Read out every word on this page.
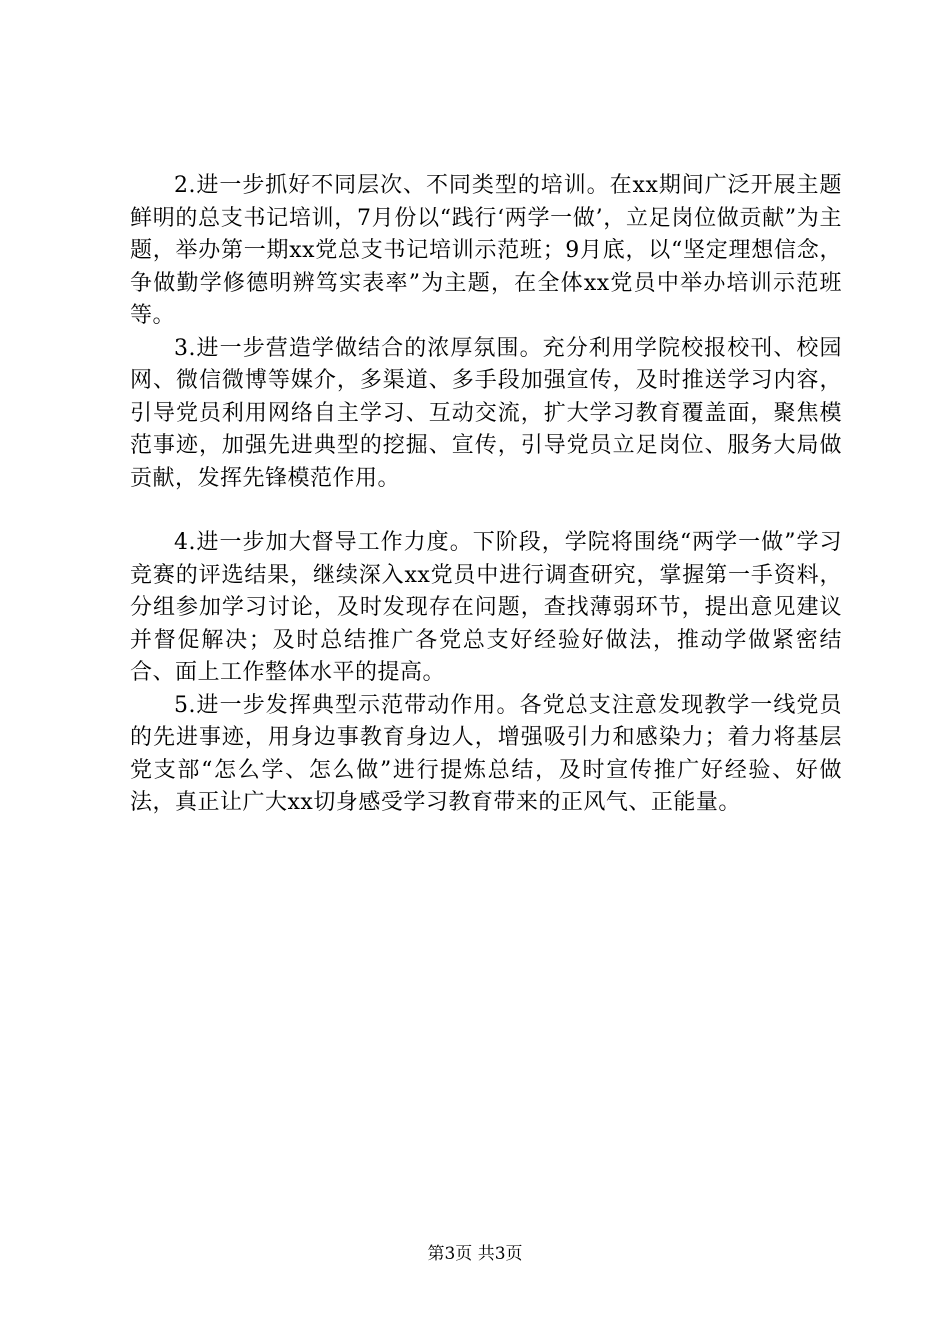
2.进一步抓好不同层次、不同类型的培训。在xx期间广泛开展主题鲜明的总支书记培训，7月份以“践行‘两学一做’，立足岗位做贡献”为主题，举办第一期xx党总支书记培训示范班；9月底，以“坚定理想信念，争做勤学修德明辨笃实表率”为主题，在全体xx党员中举办培训示范班等。

3.进一步营造学做结合的浓厚氛围。充分利用学院校报校刊、校园网、微信微博等媒介，多渠道、多手段加强宣传，及时推送学习内容，引导党员利用网络自主学习、互动交流，扩大学习教育覆盖面，聚焦模范事迹，加强先进典型的挖掘、宣传，引导党员立足岗位、服务大局做贡献，发挥先锋模范作用。

4.进一步加大督导工作力度。下阶段，学院将围绕“两学一做”学习竞赛的评选结果，继续深入xx党员中进行调查研究，掌握第一手资料，分组参加学习讨论，及时发现存在问题，查找薄弱环节，提出意见建议并督促解决；及时总结推广各党总支好经验好做法，推动学做紧密结合、面上工作整体水平的提高。

5.进一步发挥典型示范带动作用。各党总支注意发现教学一线党员的先进事迹，用身边事教育身边人，增强吸引力和感染力；着力将基层党支部“怎么学、怎么做”进行提炼总结，及时宣传推广好经验、好做法，真正让广大xx切身感受学习教育带来的正风气、正能量。

第3页 共3页
